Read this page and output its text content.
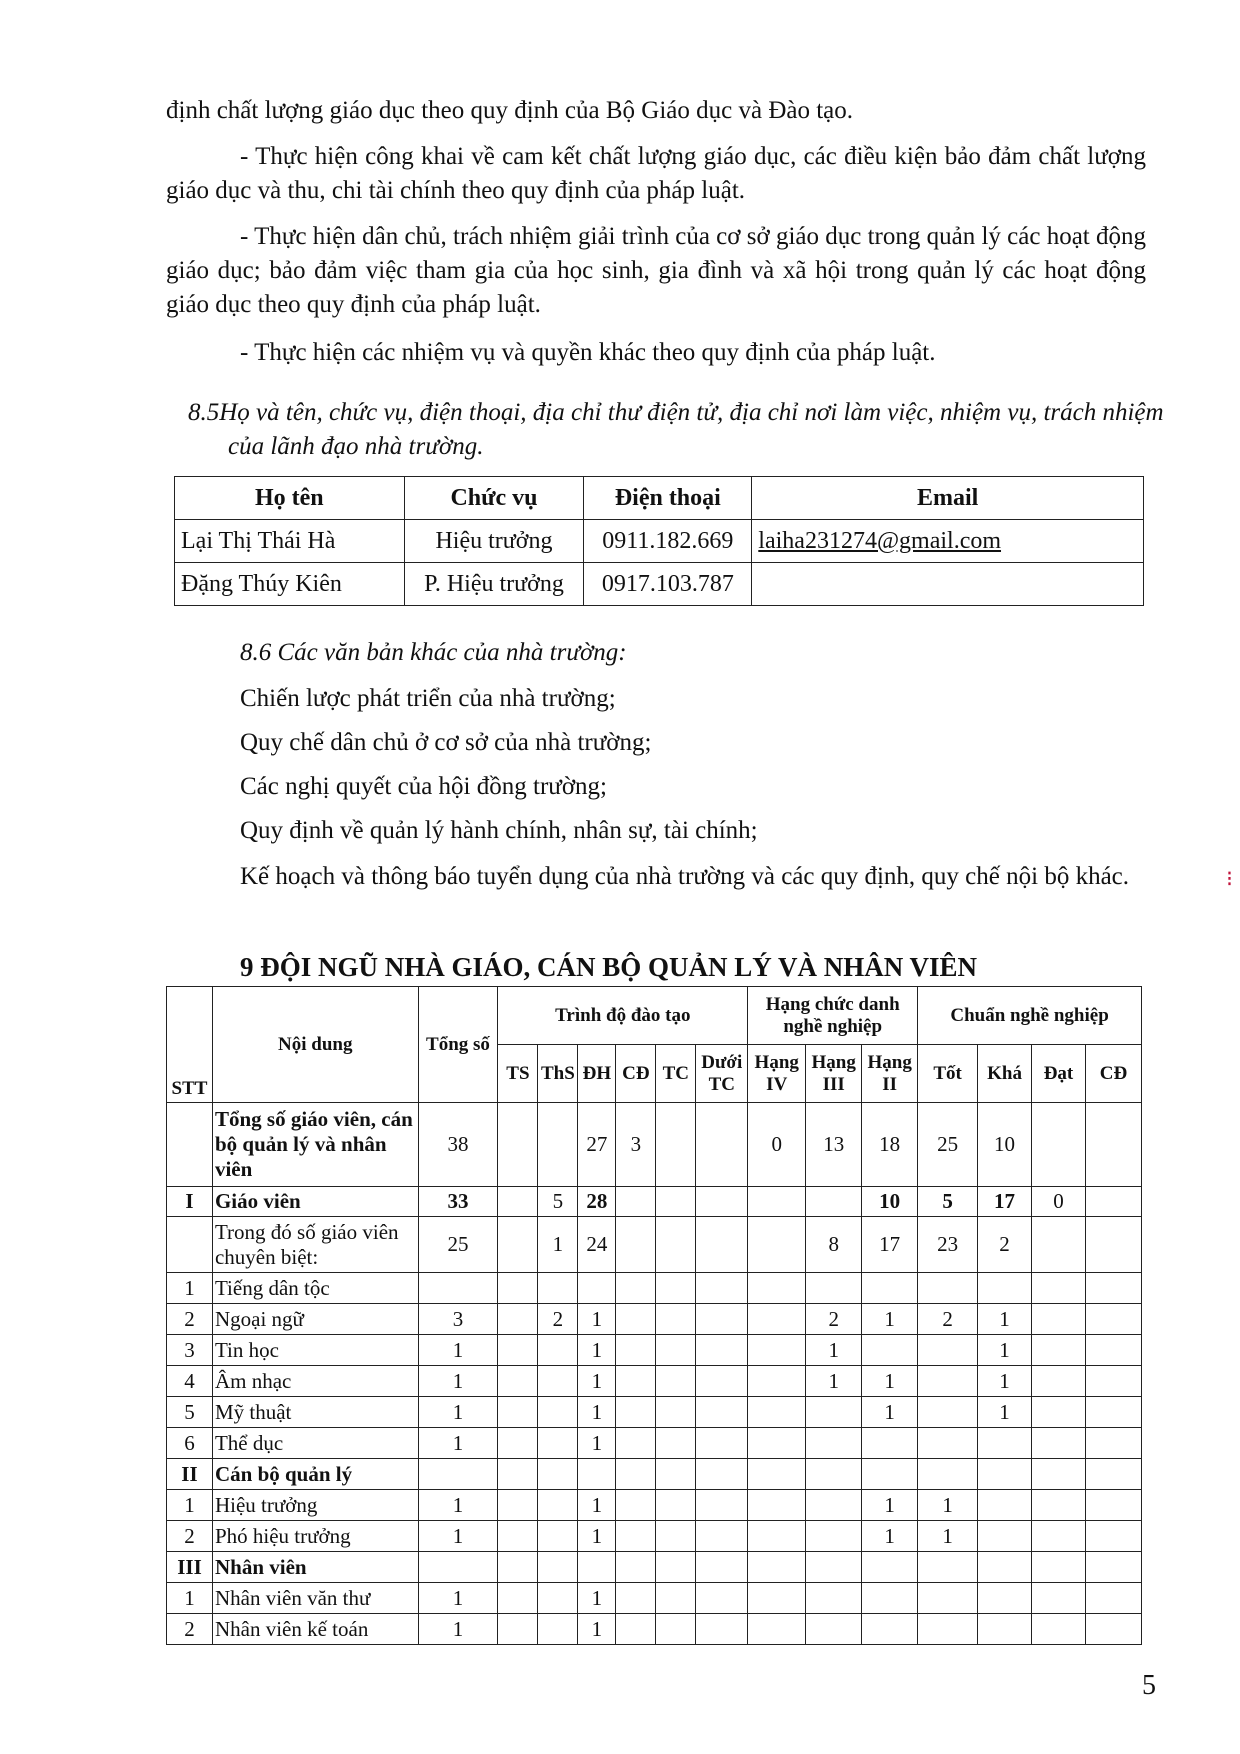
định chất lượng giáo dục theo quy định của Bộ Giáo dục và Đào tạo.

- Thực hiện công khai về cam kết chất lượng giáo dục, các điều kiện bảo đảm chất lượng giáo dục và thu, chi tài chính theo quy định của pháp luật.

- Thực hiện dân chủ, trách nhiệm giải trình của cơ sở giáo dục trong quản lý các hoạt động giáo dục; bảo đảm việc tham gia của học sinh, gia đình và xã hội trong quản lý các hoạt động giáo dục theo quy định của pháp luật.

- Thực hiện các nhiệm vụ và quyền khác theo quy định của pháp luật.

8.5Họ và tên, chức vụ, điện thoại, địa chỉ thư điện tử, địa chỉ nơi làm việc, nhiệm vụ, trách nhiệm của lãnh đạo nhà trường.

Họ tên	Chức vụ	Điện thoại	Email
Lại Thị Thái Hà	Hiệu trưởng	0911.182.669	laiha231274@gmail.com
Đặng Thúy Kiên	P. Hiệu trưởng	0917.103.787	

8.6 Các văn bản khác của nhà trường:

Chiến lược phát triển của nhà trường;

Quy chế dân chủ ở cơ sở của nhà trường;

Các nghị quyết của hội đồng trường;

Quy định về quản lý hành chính, nhân sự, tài chính;

Kế hoạch và thông báo tuyển dụng của nhà trường và các quy định, quy chế nội bộ khác.

9 ĐỘI NGŨ NHÀ GIÁO, CÁN BỘ QUẢN LÝ VÀ NHÂN VIÊN
STT	Nội dung	Tổng số	Trình độ đào tạo						Hạng chức danh nghề nghiệp			Chuẩn nghề nghiệp			
			TS	ThS	ĐH	CĐ	TC	Dưới TC	Hạng IV	Hạng III	Hạng II	Tốt	Khá	Đạt	CĐ
	Tổng số giáo viên, cán bộ quản lý và nhân viên	38			27	3			0	13	18	25	10		
I	Giáo viên	33		5	28						10	5	17	0	
	Trong đó số giáo viên chuyên biệt:	25		1	24					8	17	23	2		
1	Tiếng dân tộc														
2	Ngoại ngữ	3		2	1					2	1	2	1		
3	Tin học	1			1					1			1		
4	Âm nhạc	1			1					1	1		1		
5	Mỹ thuật	1			1						1		1		
6	Thể dục	1			1										
II	Cán bộ quản lý														
1	Hiệu trưởng	1			1						1	1			
2	Phó hiệu trưởng	1			1						1	1			
III	Nhân viên														
1	Nhân viên văn thư	1			1										
2	Nhân viên kế toán	1			1										
5
⁝
